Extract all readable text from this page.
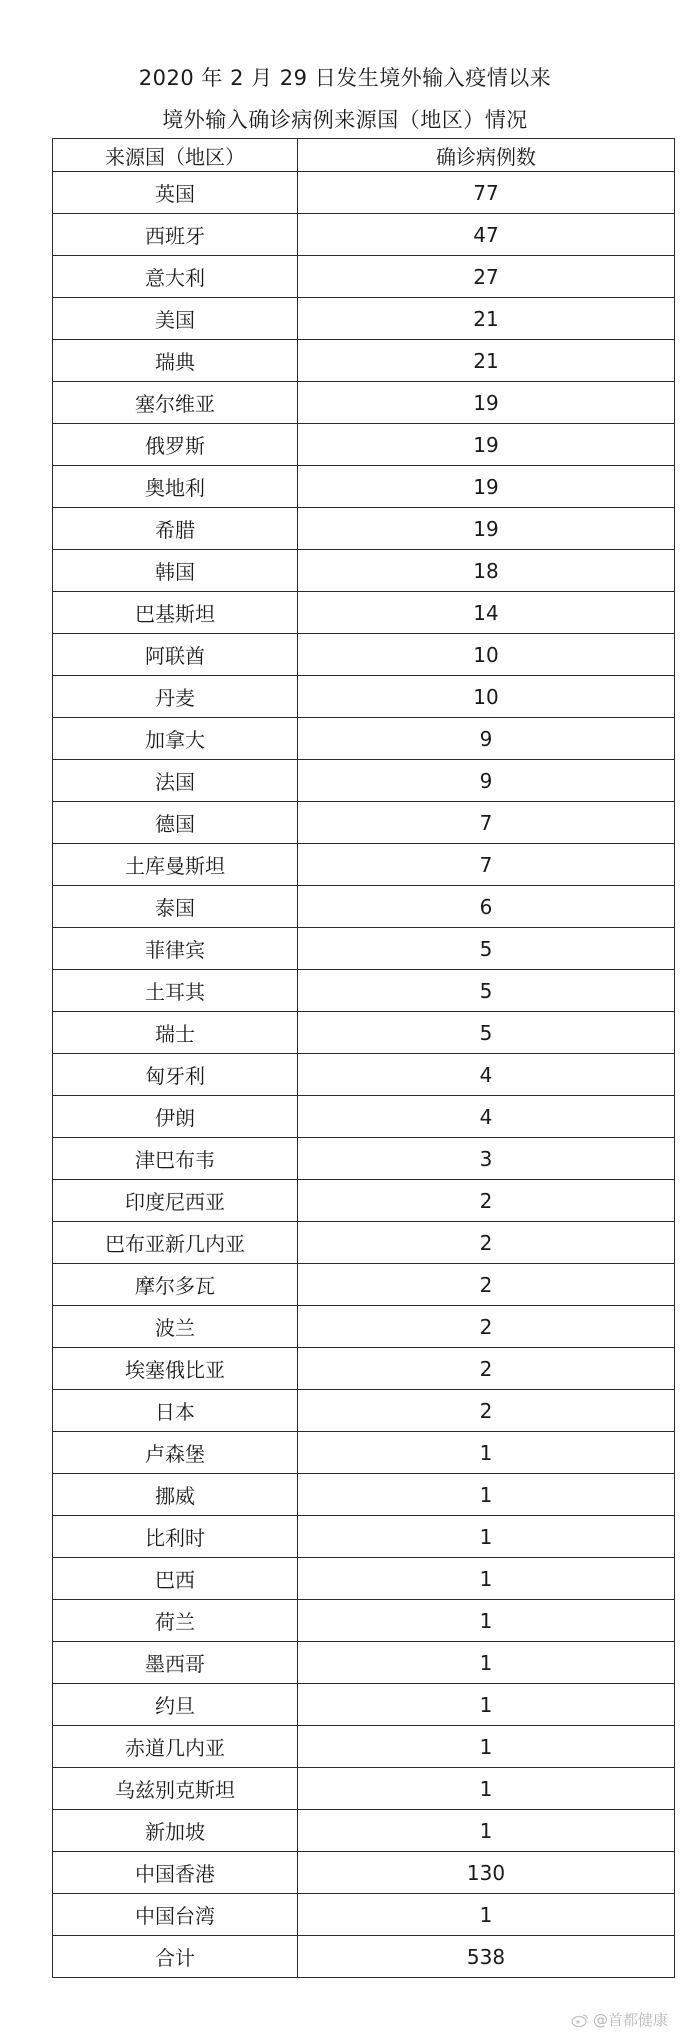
2020 年 2 月 29 日发生境外输入疫情以来
境外输入确诊病例来源国（地区）情况
来源国（地区）	确诊病例数
英国	77
西班牙	47
意大利	27
美国	21
瑞典	21
塞尔维亚	19
俄罗斯	19
奥地利	19
希腊	19
韩国	18
巴基斯坦	14
阿联酋	10
丹麦	10
加拿大	9
法国	9
德国	7
土库曼斯坦	7
泰国	6
菲律宾	5
土耳其	5
瑞士	5
匈牙利	4
伊朗	4
津巴布韦	3
印度尼西亚	2
巴布亚新几内亚	2
摩尔多瓦	2
波兰	2
埃塞俄比亚	2
日本	2
卢森堡	1
挪威	1
比利时	1
巴西	1
荷兰	1
墨西哥	1
约旦	1
赤道几内亚	1
乌兹别克斯坦	1
新加坡	1
中国香港	130
中国台湾	1
合计	538
@首都健康
